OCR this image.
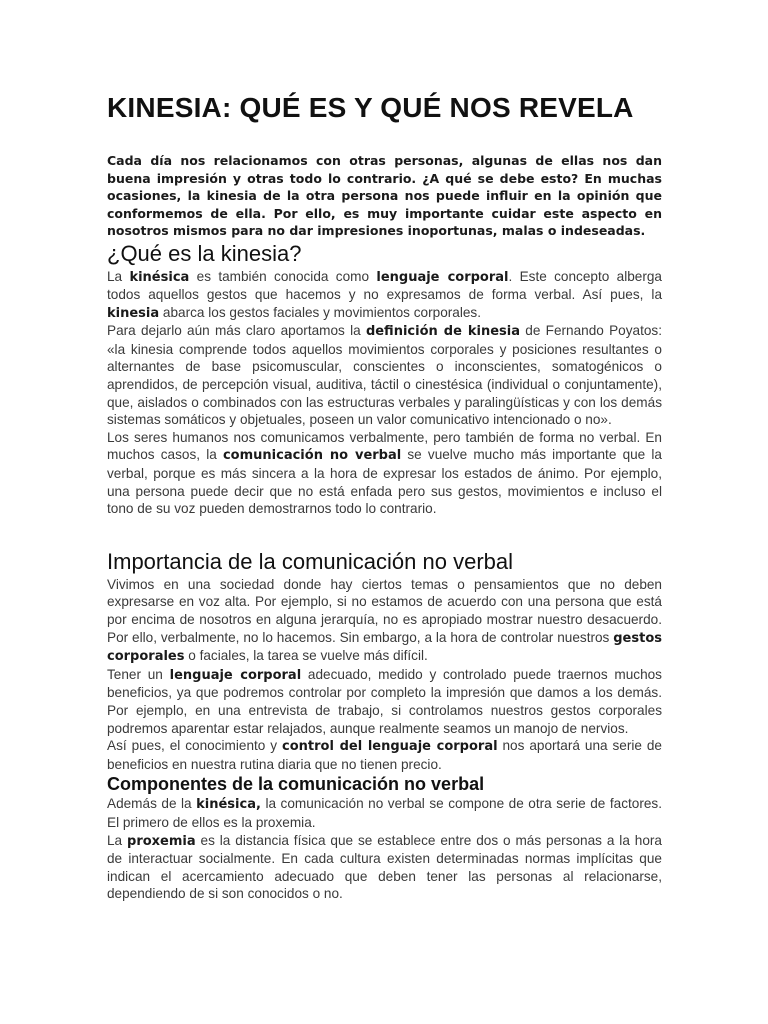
KINESIA: QUÉ ES Y QUÉ NOS REVELA

Cada día nos relacionamos con otras personas, algunas de ellas nos dan buena impresión y otras todo lo contrario. ¿A qué se debe esto? En muchas ocasiones, la kinesia de la otra persona nos puede influir en la opinión que conformemos de ella. Por ello, es muy importante cuidar este aspecto en nosotros mismos para no dar impresiones inoportunas, malas o indeseadas.

¿Qué es la kinesia?

La kinésica es también conocida como lenguaje corporal. Este concepto alberga todos aquellos gestos que hacemos y no expresamos de forma verbal. Así pues, la kinesia abarca los gestos faciales y movimientos corporales.

Para dejarlo aún más claro aportamos la definición de kinesia de Fernando Poyatos: «la kinesia comprende todos aquellos movimientos corporales y posiciones resultantes o alternantes de base psicomuscular, conscientes o inconscientes, somatogénicos o aprendidos, de percepción visual, auditiva, táctil o cinestésica (individual o conjuntamente), que, aislados o combinados con las estructuras verbales y paralingüísticas y con los demás sistemas somáticos y objetuales, poseen un valor comunicativo intencionado o no».

Los seres humanos nos comunicamos verbalmente, pero también de forma no verbal. En muchos casos, la comunicación no verbal se vuelve mucho más importante que la verbal, porque es más sincera a la hora de expresar los estados de ánimo. Por ejemplo, una persona puede decir que no está enfada pero sus gestos, movimientos e incluso el tono de su voz pueden demostrarnos todo lo contrario.

Importancia de la comunicación no verbal

Vivimos en una sociedad donde hay ciertos temas o pensamientos que no deben expresarse en voz alta. Por ejemplo, si no estamos de acuerdo con una persona que está por encima de nosotros en alguna jerarquía, no es apropiado mostrar nuestro desacuerdo. Por ello, verbalmente, no lo hacemos. Sin embargo, a la hora de controlar nuestros gestos corporales o faciales, la tarea se vuelve más difícil.

Tener un lenguaje corporal adecuado, medido y controlado puede traernos muchos beneficios, ya que podremos controlar por completo la impresión que damos a los demás. Por ejemplo, en una entrevista de trabajo, si controlamos nuestros gestos corporales podremos aparentar estar relajados, aunque realmente seamos un manojo de nervios.

Así pues, el conocimiento y control del lenguaje corporal nos aportará una serie de beneficios en nuestra rutina diaria que no tienen precio.

Componentes de la comunicación no verbal

Además de la kinésica, la comunicación no verbal se compone de otra serie de factores. El primero de ellos es la proxemia.

La proxemia es la distancia física que se establece entre dos o más personas a la hora de interactuar socialmente. En cada cultura existen determinadas normas implícitas que indican el acercamiento adecuado que deben tener las personas al relacionarse, dependiendo de si son conocidos o no.
